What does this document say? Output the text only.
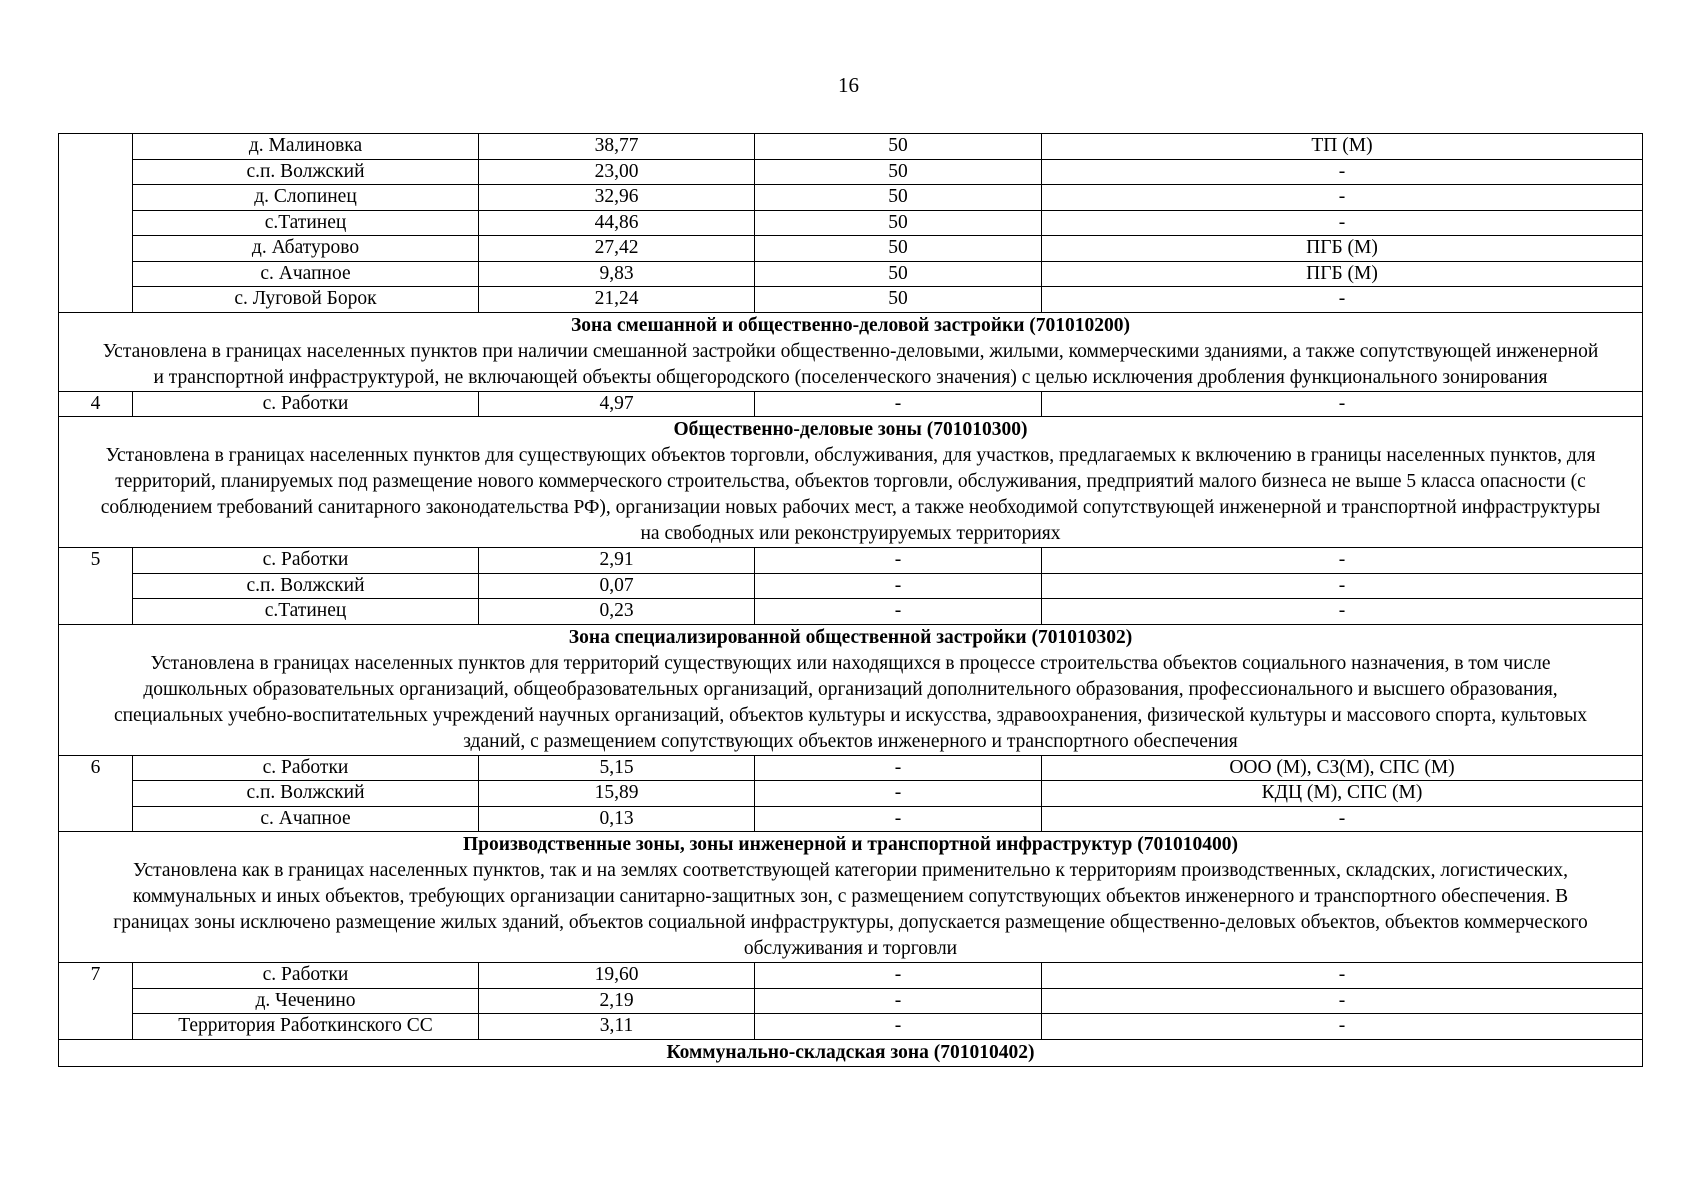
16
	д. Малиновка	38,77	50	ТП (М)
	с.п. Волжский	23,00	50	-
	д. Слопинец	32,96	50	-
	с.Татинец	44,86	50	-
	д. Абатурово	27,42	50	ПГБ (М)
	с. Ачапное	9,83	50	ПГБ (М)
	с. Луговой Борок	21,24	50	-

Зона смешанной и общественно-деловой застройки (701010200)
Установлена в границах населенных пунктов при наличии смешанной застройки общественно-деловыми, жилыми, коммерческими зданиями, а также сопутствующей инженерной и транспортной инфраструктурой, не включающей объекты общегородского (поселенческого значения) с целью исключения дробления функционального зонирования				

4	с. Работки	4,97	-	-

Общественно-деловые зоны (701010300)
Установлена в границах населенных пунктов для существующих объектов торговли, обслуживания, для участков, предлагаемых к включению в границы населенных пунктов, для территорий, планируемых под размещение нового коммерческого строительства, объектов торговли, обслуживания, предприятий малого бизнеса не выше 5 класса опасности (с соблюдением требований санитарного законодательства РФ), организации новых рабочих мест, а также необходимой сопутствующей инженерной и транспортной инфраструктуры на свободных или реконструируемых территориях				

5	с. Работки	2,91	-	-
	с.п. Волжский	0,07	-	-
	с.Татинец	0,23	-	-

Зона специализированной общественной застройки (701010302)
Установлена в границах населенных пунктов для территорий существующих или находящихся в процессе строительства объектов социального назначения, в том числе дошкольных образовательных организаций, общеобразовательных организаций, организаций дополнительного образования, профессионального и высшего образования, специальных учебно-воспитательных учреждений научных организаций, объектов культуры и искусства, здравоохранения, физической культуры и массового спорта, культовых зданий, с размещением сопутствующих объектов инженерного и транспортного обеспечения				

6	с. Работки	5,15	-	ООО (М), СЗ(М), СПС (М)
	с.п. Волжский	15,89	-	КДЦ (М), СПС (М)
	с. Ачапное	0,13	-	-

Производственные зоны, зоны инженерной и транспортной инфраструктур (701010400)
Установлена как в границах населенных пунктов, так и на землях соответствующей категории применительно к территориям производственных, складских, логистических, коммунальных и иных объектов, требующих организации санитарно-защитных зон, с размещением сопутствующих объектов инженерного и транспортного обеспечения. В границах зоны исключено размещение жилых зданий, объектов социальной инфраструктуры, допускается размещение общественно-деловых объектов, объектов коммерческого обслуживания и торговли				

7	с. Работки	19,60	-	-
	д. Чеченино	2,19	-	-
	Территория Работкинского СС	3,11	-	-

Коммунально-складская зона (701010402)				
